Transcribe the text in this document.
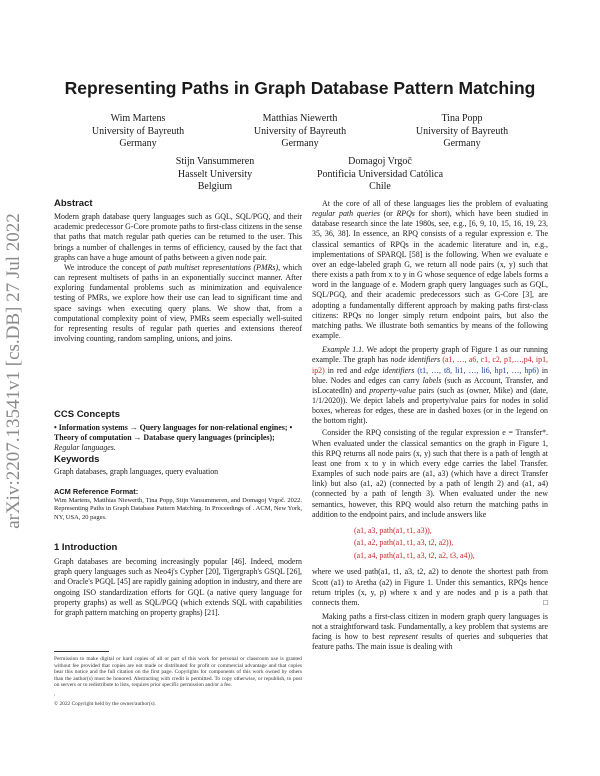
arXiv:2207.13541v1 [cs.DB] 27 Jul 2022
Representing Paths in Graph Database Pattern Matching
Wim Martens
University of Bayreuth
Germany
Matthias Niewerth
University of Bayreuth
Germany
Tina Popp
University of Bayreuth
Germany
Stijn Vansummeren
Hasselt University
Belgium
Domagoj Vrgoč
Pontificia Universidad Católica
Chile
Abstract

Modern graph database query languages such as GQL, SQL/PGQ, and their academic predecessor G-Core promote paths to first-class citizens in the sense that paths that match regular path queries can be returned to the user. This brings a number of challenges in terms of efficiency, caused by the fact that graphs can have a huge amount of paths between a given node pair.

We introduce the concept of path multiset representations (PMRs), which can represent multisets of paths in an exponentially succinct manner. After exploring fundamental problems such as minimization and equivalence testing of PMRs, we explore how their use can lead to significant time and space savings when executing query plans. We show that, from a computational complexity point of view, PMRs seem especially well-suited for representing results of regular path queries and extensions thereof involving counting, random sampling, unions, and joins.

CCS Concepts

• Information systems → Query languages for non-relational engines; • Theory of computation → Database query languages (principles); Regular languages.

Keywords

Graph databases, graph languages, query evaluation

ACM Reference Format:

Wim Martens, Matthias Niewerth, Tina Popp, Stijn Vansummeren, and Domagoj Vrgoč. 2022. Representing Paths in Graph Database Pattern Matching. In Proceedings of . ACM, New York, NY, USA, 20 pages.

1 Introduction

Graph databases are becoming increasingly popular [46]. Indeed, modern graph query languages such as Neo4j's Cypher [20], Tigergraph's GSQL [26], and Oracle's PGQL [45] are rapidly gaining adoption in industry, and there are ongoing ISO standardization efforts for GQL (a native query language for property graphs) as well as SQL/PGQ (which extends SQL with capabilities for graph pattern matching on property graphs) [21].

Permission to make digital or hard copies of all or part of this work for personal or classroom use is granted without fee provided that copies are not made or distributed for profit or commercial advantage and that copies bear this notice and the full citation on the first page. Copyrights for components of this work owned by others than the author(s) must be honored. Abstracting with credit is permitted. To copy otherwise, or republish, to post on servers or to redistribute to lists, requires prior specific permission and/or a fee.

,

© 2022 Copyright held by the owner/author(s).

At the core of all of these languages lies the problem of evaluating regular path queries (or RPQs for short), which have been studied in database research since the late 1980s, see, e.g., [6, 9, 10, 15, 16, 19, 23, 35, 36, 38]. In essence, an RPQ consists of a regular expression e. The classical semantics of RPQs in the academic literature and in, e.g., implementations of SPARQL [58] is the following. When we evaluate e over an edge-labeled graph G, we return all node pairs (x, y) such that there exists a path from x to y in G whose sequence of edge labels forms a word in the language of e. Modern graph query languages such as GQL, SQL/PGQ, and their academic predecessors such as G-Core [3], are adopting a fundamentally different approach by making paths first-class citizens: RPQs no longer simply return endpoint pairs, but also the matching paths. We illustrate both semantics by means of the following example.

Example 1.1. We adopt the property graph of Figure 1 as our running example. The graph has node identifiers (a1, …, a6, c1, c2, p1,…,p4, ip1, ip2) in red and edge identifiers (t1, …, t8, li1, …, li6, hp1, …, hp6) in blue. Nodes and edges can carry labels (such as Account, Transfer, and isLocatedIn) and property-value pairs (such as (owner, Mike) and (date, 1/1/2020)). We depict labels and property/value pairs for nodes in solid boxes, whereas for edges, these are in dashed boxes (or in the legend on the bottom right).

Consider the RPQ consisting of the regular expression e = Transfer*. When evaluated under the classical semantics on the graph in Figure 1, this RPQ returns all node pairs (x, y) such that there is a path of length at least one from x to y in which every edge carries the label Transfer. Examples of such node pairs are (a1, a3) (which have a direct Transfer link) but also (a1, a2) (connected by a path of length 2) and (a1, a4) (connected by a path of length 3). When evaluated under the new semantics, however, this RPQ would also return the matching paths in addition to the endpoint pairs, and include answers like

(a1, a3, path(a1, t1, a3)),
(a1, a2, path(a1, t1, a3, t2, a2)),
(a1, a4, path(a1, t1, a3, t2, a2, t3, a4)),

where we used path(a1, t1, a3, t2, a2) to denote the shortest path from Scott (a1) to Aretha (a2) in Figure 1. Under this semantics, RPQs hence return triples (x, y, p) where x and y are nodes and p is a path that connects them.	□

Making paths a first-class citizen in modern graph query languages is not a straightforward task. Fundamentally, a key problem that systems are facing is how to best represent results of queries and subqueries that feature paths. The main issue is dealing with
